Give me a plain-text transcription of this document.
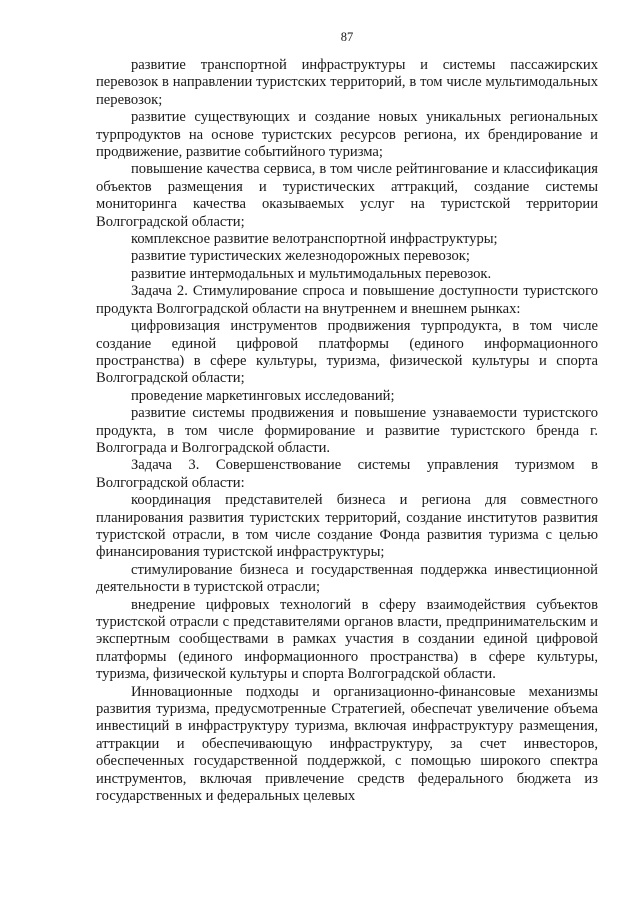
87

развитие транспортной инфраструктуры и системы пассажирских перевозок в направлении туристских территорий, в том числе мультимодальных перевозок;

развитие существующих и создание новых уникальных региональных турпродуктов на основе туристских ресурсов региона, их брендирование и продвижение, развитие событийного туризма;

повышение качества сервиса, в том числе рейтингование и классификация объектов размещения и туристических аттракций, создание системы мониторинга качества оказываемых услуг на туристской территории Волгоградской области;

комплексное развитие велотранспортной инфраструктуры;

развитие туристических железнодорожных перевозок;

развитие интермодальных и мультимодальных перевозок.

Задача 2. Стимулирование спроса и повышение доступности туристского продукта Волгоградской области на внутреннем и внешнем рынках:

цифровизация инструментов продвижения турпродукта, в том числе создание единой цифровой платформы (единого информационного пространства) в сфере культуры, туризма, физической культуры и спорта Волгоградской области;

проведение маркетинговых исследований;

развитие системы продвижения и повышение узнаваемости туристского продукта, в том числе формирование и развитие туристского бренда г. Волгограда и Волгоградской области.

Задача 3. Совершенствование системы управления туризмом в Волгоградской области:

координация представителей бизнеса и региона для совместного планирования развития туристских территорий, создание институтов развития туристской отрасли, в том числе создание Фонда развития туризма с целью финансирования туристской инфраструктуры;

стимулирование бизнеса и государственная поддержка инвестиционной деятельности в туристской отрасли;

внедрение цифровых технологий в сферу взаимодействия субъектов туристской отрасли с представителями органов власти, предпринимательским и экспертным сообществами в рамках участия в создании единой цифровой платформы (единого информационного пространства) в сфере культуры, туризма, физической культуры и спорта Волгоградской области.

Инновационные подходы и организационно-финансовые механизмы развития туризма, предусмотренные Стратегией, обеспечат увеличение объема инвестиций в инфраструктуру туризма, включая инфраструктуру размещения, аттракции и обеспечивающую инфраструктуру, за счет инвесторов, обеспеченных государственной поддержкой, с помощью широкого спектра инструментов, включая привлечение средств федерального бюджета из государственных и федеральных целевых
